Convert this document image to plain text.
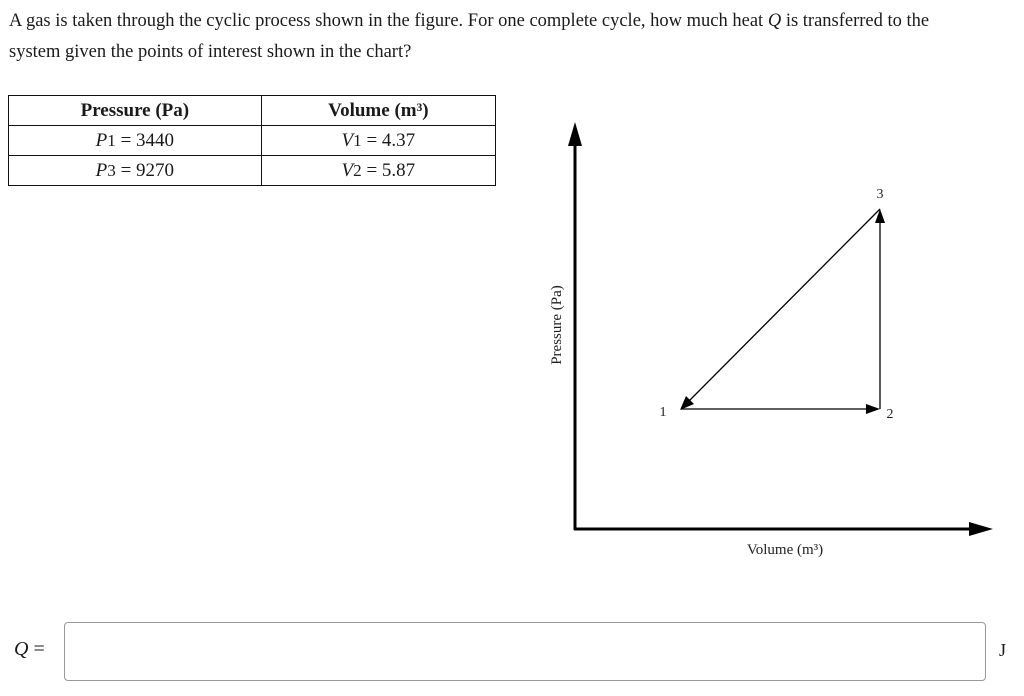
A gas is taken through the cyclic process shown in the figure. For one complete cycle, how much heat Q is transferred to the
system given the points of interest shown in the chart?
Pressure (Pa)	Volume (m³)
P1 = 3440	V1 = 4.37
P3 = 9270	V2 = 5.87
Pressure (Pa)
Volume (m³)
1	2
3
Q =	J
